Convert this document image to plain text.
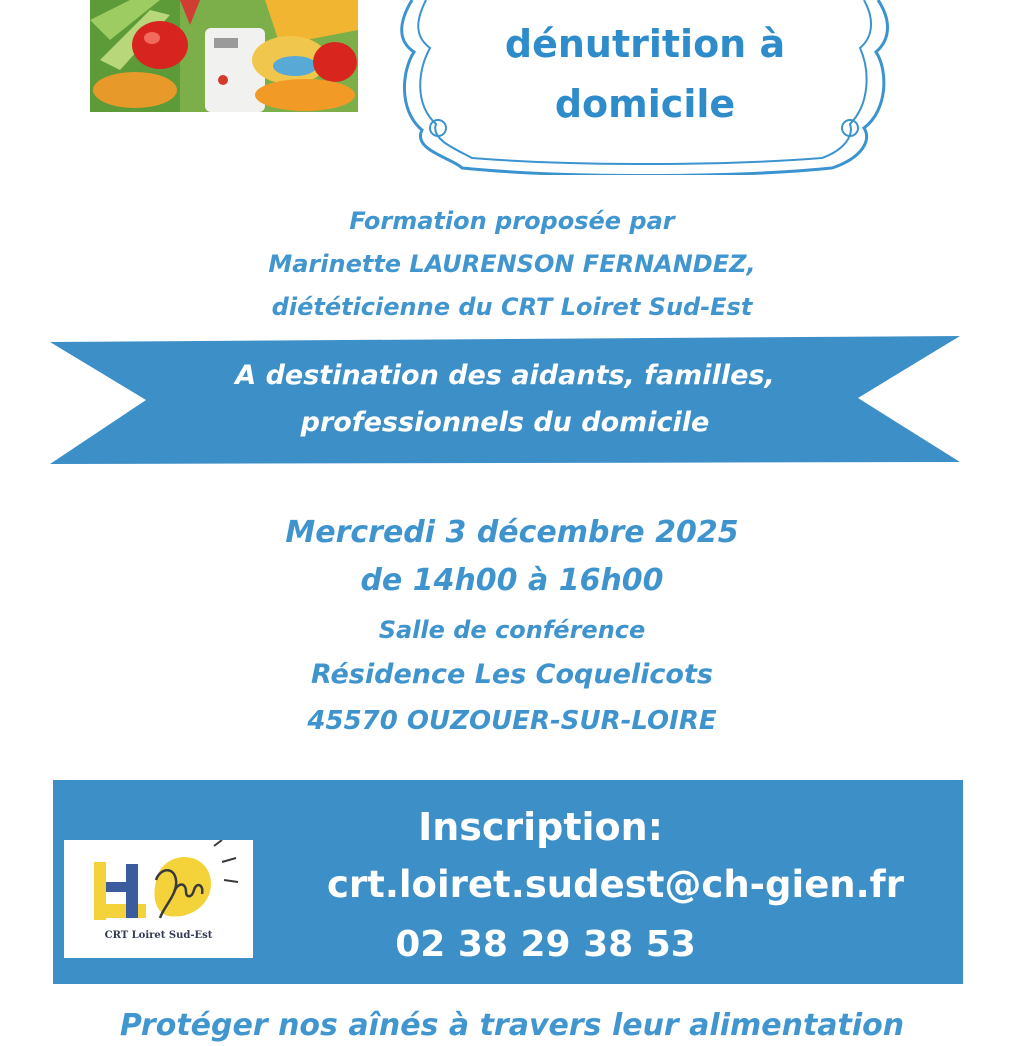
dénutrition à
domicile
Formation proposée par
Marinette LAURENSON FERNANDEZ,
diététicienne du CRT Loiret Sud-Est
A destination des aidants, familles,
professionnels du domicile
Mercredi 3 décembre 2025
de 14h00 à 16h00
Salle de conférence
Résidence Les Coquelicots
45570 OUZOUER-SUR-LOIRE
CRT Loiret Sud-Est
Inscription:
crt.loiret.sudest@ch-gien.fr
02 38 29 38 53
Protéger nos aînés à travers leur alimentation
